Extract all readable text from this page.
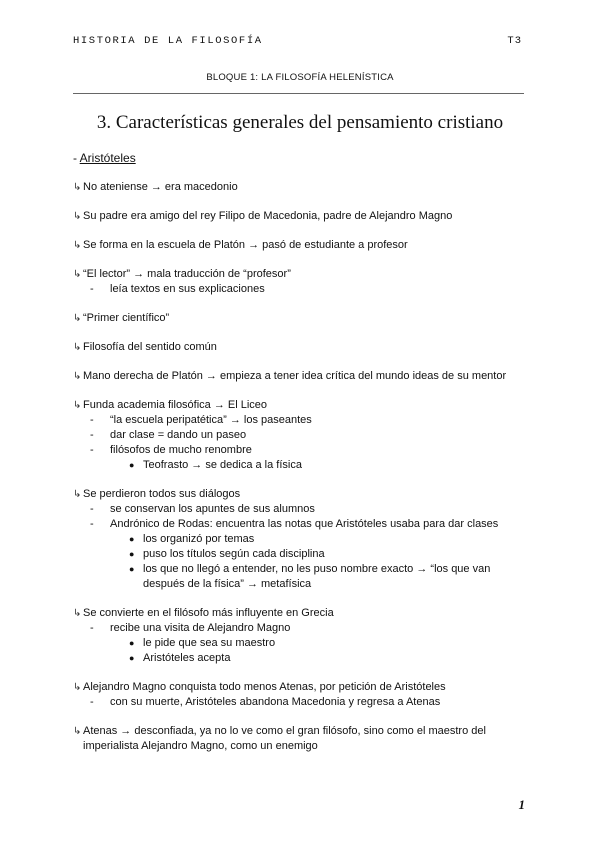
HISTORIA DE LA FILOSOFÍA	T3
BLOQUE 1: LA FILOSOFÍA HELENÍSTICA
3. Características generales del pensamiento cristiano
- Aristóteles
↳ No ateniense → era macedonio
↳ Su padre era amigo del rey Filipo de Macedonia, padre de Alejandro Magno
↳ Se forma en la escuela de Platón → pasó de estudiante a profesor
↳ “El lector” → mala traducción de “profesor”
- leía textos en sus explicaciones
↳ “Primer científico”
↳ Filosofía del sentido común
↳ Mano derecha de Platón → empieza a tener idea crítica del mundo ideas de su mentor
↳ Funda academia filosófica → El Liceo
- “la escuela peripatética” → los paseantes
- dar clase = dando un paseo
- filósofos de mucho renombre
● Teofrasto → se dedica a la física
↳ Se perdieron todos sus diálogos
- se conservan los apuntes de sus alumnos
- Andrónico de Rodas: encuentra las notas que Aristóteles usaba para dar clases
● los organizó por temas
● puso los títulos según cada disciplina
● los que no llegó a entender, no les puso nombre exacto → “los que van
después de la física” → metafísica
↳ Se convierte en el filósofo más influyente en Grecia
- recibe una visita de Alejandro Magno
● le pide que sea su maestro
● Aristóteles acepta
↳ Alejandro Magno conquista todo menos Atenas, por petición de Aristóteles
- con su muerte, Aristóteles abandona Macedonia y regresa a Atenas
↳ Atenas → desconfiada, ya no lo ve como el gran filósofo, sino como el maestro del
imperialista Alejandro Magno, como un enemigo
1
